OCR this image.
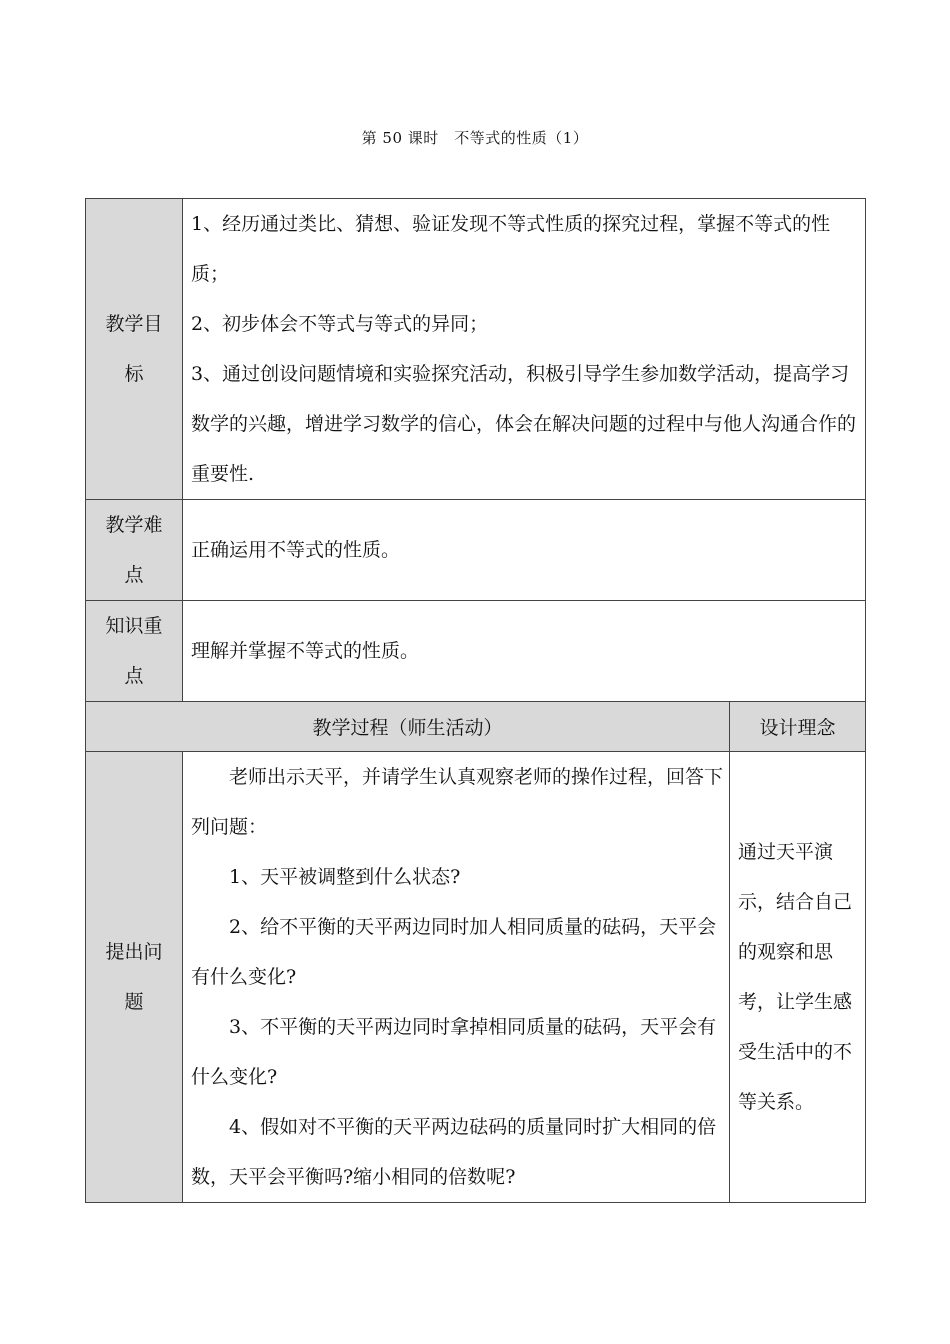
第 50 课时　不等式的性质（1）
教学目标	1、经历通过类比、猜想、验证发现不等式性质的探究过程，掌握不等式的性质；

2、初步体会不等式与等式的异同；

3、通过创设问题情境和实验探究活动，积极引导学生参加数学活动，提高学习数学的兴趣，增进学习数学的信心，体会在解决问题的过程中与他人沟通合作的重要性.	

教学难点	正确运用不等式的性质。	
知识重点	理解并掌握不等式的性质。	
教学过程（师生活动）		设计理念
提出问题	老师出示天平，并请学生认真观察老师的操作过程，回答下列问题：

1、天平被调整到什么状态?

2、给不平衡的天平两边同时加人相同质量的砝码，天平会有什么变化?

3、不平衡的天平两边同时拿掉相同质量的砝码，天平会有什么变化?

4、假如对不平衡的天平两边砝码的质量同时扩大相同的倍数，天平会平衡吗?缩小相同的倍数呢?	通过天平演示，结合自己的观察和思考，让学生感受生活中的不等关系。
